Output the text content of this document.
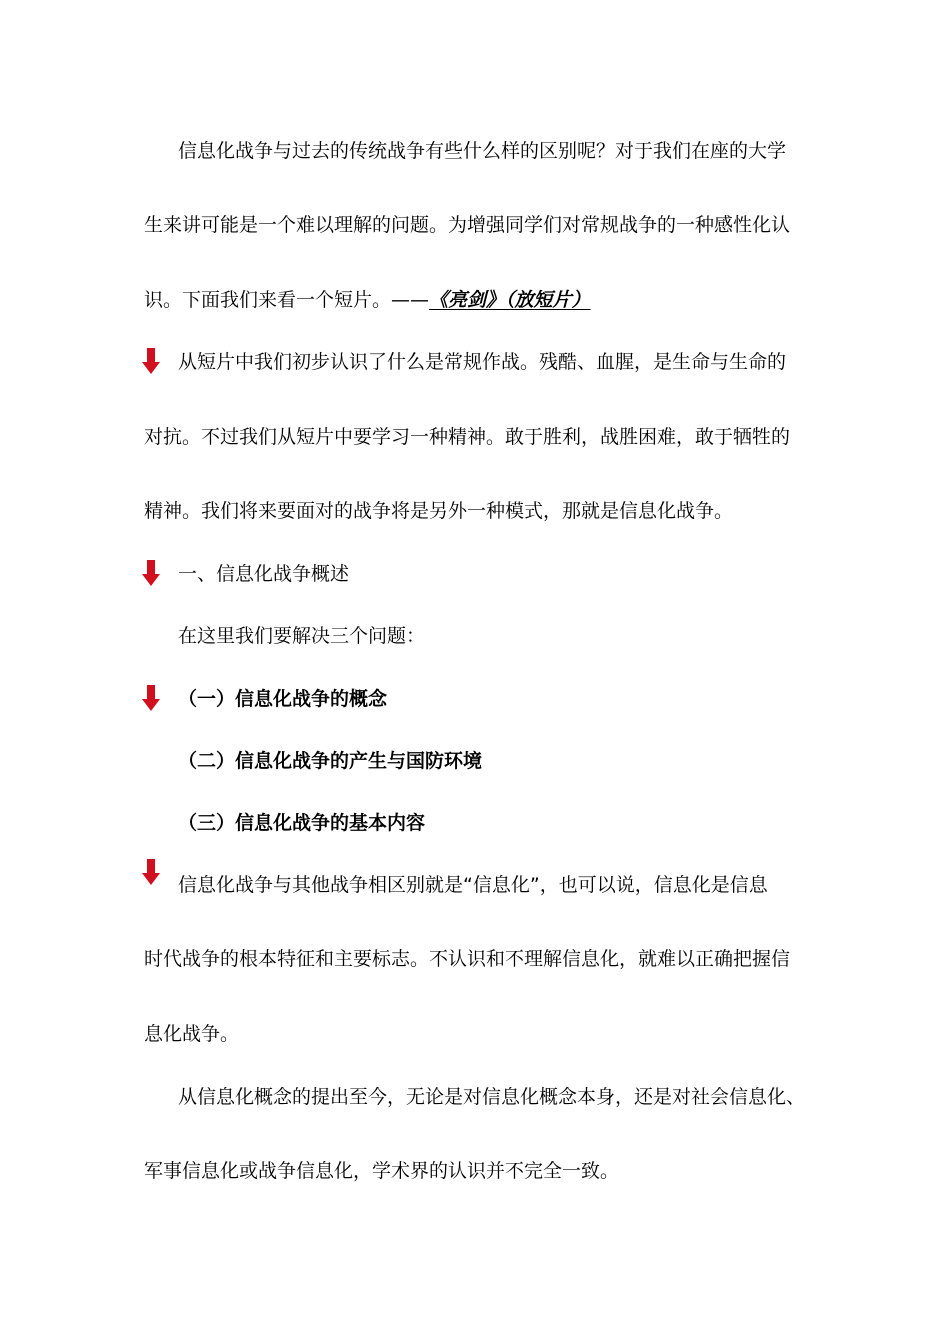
信息化战争与过去的传统战争有些什么样的区别呢？对于我们在座的大学
生来讲可能是一个难以理解的问题。为增强同学们对常规战争的一种感性化认
识。下面我们来看一个短片。——《亮剑》（放短片）
从短片中我们初步认识了什么是常规作战。残酷、血腥，是生命与生命的
对抗。不过我们从短片中要学习一种精神。敢于胜利，战胜困难，敢于牺牲的
精神。我们将来要面对的战争将是另外一种模式，那就是信息化战争。
一、信息化战争概述
在这里我们要解决三个问题：
（一）信息化战争的概念
（二）信息化战争的产生与国防环境
（三）信息化战争的基本内容
信息化战争与其他战争相区别就是“信息化”，也可以说，信息化是信息
时代战争的根本特征和主要标志。不认识和不理解信息化，就难以正确把握信
息化战争。
从信息化概念的提出至今，无论是对信息化概念本身，还是对社会信息化、
军事信息化或战争信息化，学术界的认识并不完全一致。
